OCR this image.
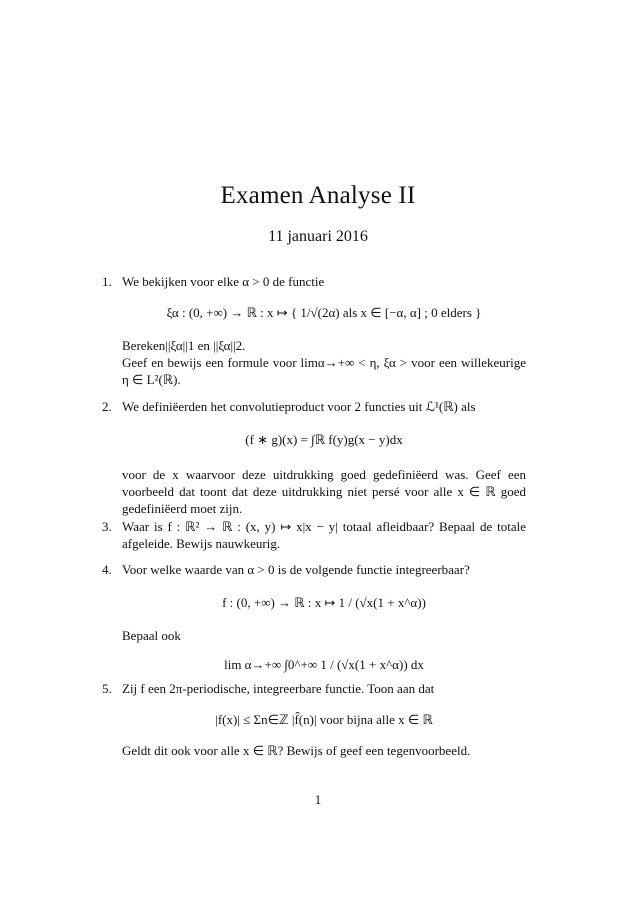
Examen Analyse II
11 januari 2016
1. We bekijken voor elke α > 0 de functie

ξα : (0, +∞) → ℝ : x ↦ { 1/√(2α) als x ∈ [−α, α] ; 0 elders }

Bereken||ξα||1 en ||ξα||2.

Geef en bewijs een formule voor limα→+∞ < η, ξα > voor een willekeurige η ∈ L²(ℝ).

2. We definiëerden het convolutieproduct voor 2 functies uit ℒ¹(ℝ) als

(f ∗ g)(x) = ∫ℝ f(y)g(x − y)dx

voor de x waarvoor deze uitdrukking goed gedefiniëerd was. Geef een voorbeeld dat toont dat deze uitdrukking niet persé voor alle x ∈ ℝ goed gedefiniëerd moet zijn.

3. Waar is f : ℝ² → ℝ : (x, y) ↦ x|x − y| totaal afleidbaar? Bepaal de totale afgeleide. Bewijs nauwkeurig.

4. Voor welke waarde van α > 0 is de volgende functie integreerbaar?

f : (0, +∞) → ℝ : x ↦ 1 / (√x(1 + x^α))

Bepaal ook

lim α→+∞ ∫0^+∞ 1 / (√x(1 + x^α)) dx
5. Zij f een 2π-periodische, integreerbare functie. Toon aan dat

|f(x)| ≤ Σn∈ℤ |f̂(n)| voor bijna alle x ∈ ℝ

Geldt dit ook voor alle x ∈ ℝ? Bewijs of geef een tegenvoorbeeld.

1
